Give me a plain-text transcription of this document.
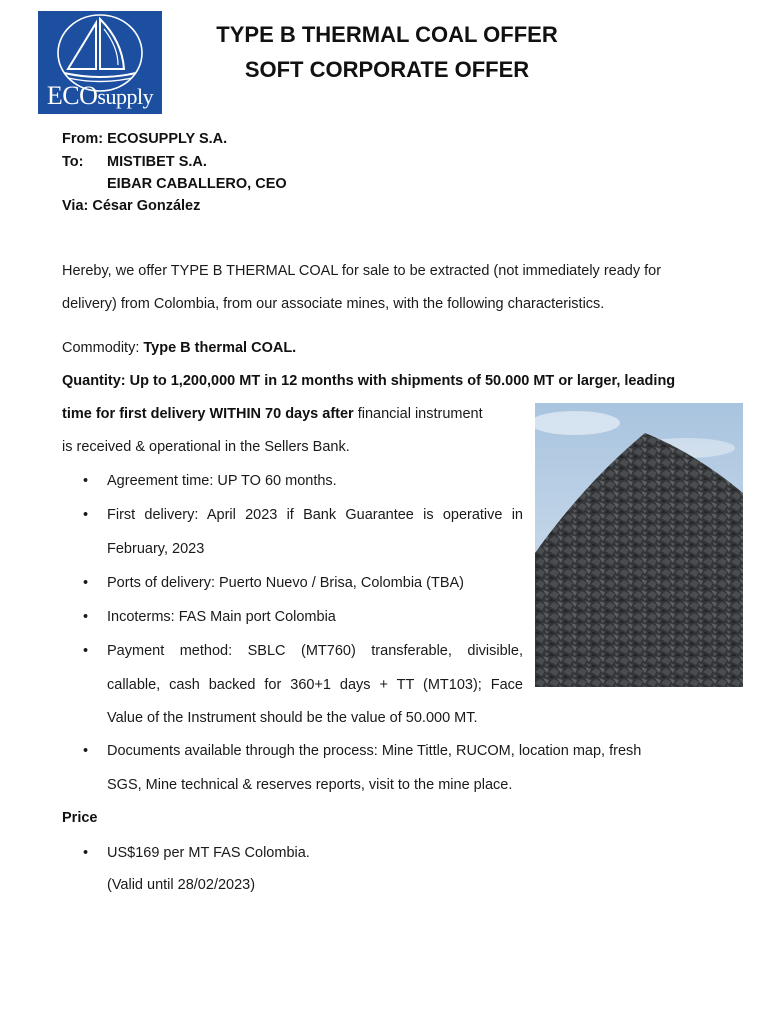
ECOsupply
TYPE B THERMAL COAL OFFER
SOFT CORPORATE OFFER
From: ECOSUPPLY S.A.
To: MISTIBET S.A.
EIBAR CABALLERO, CEO
Via: César González
Hereby, we offer TYPE B THERMAL COAL for sale to be extracted (not immediately ready for
delivery) from Colombia, from our associate mines, with the following characteristics.
Commodity: Type B thermal COAL.
Quantity: Up to 1,200,000 MT in 12 months with shipments of 50.000 MT or larger, leading
time for first delivery WITHIN 70 days after financial instrument
is received & operational in the Sellers Bank.
• Agreement time: UP TO 60 months.
• First delivery: April 2023 if Bank Guarantee is operative in
February, 2023
• Ports of delivery: Puerto Nuevo / Brisa, Colombia (TBA)
• Incoterms: FAS Main port Colombia
• Payment method: SBLC (MT760) transferable, divisible,
callable, cash backed for 360+1 days + TT (MT103); Face
Value of the Instrument should be the value of 50.000 MT.
• Documents available through the process: Mine Tittle, RUCOM, location map, fresh
SGS, Mine technical & reserves reports, visit to the mine place.
Price
• US$169 per MT FAS Colombia.
(Valid until 28/02/2023)
